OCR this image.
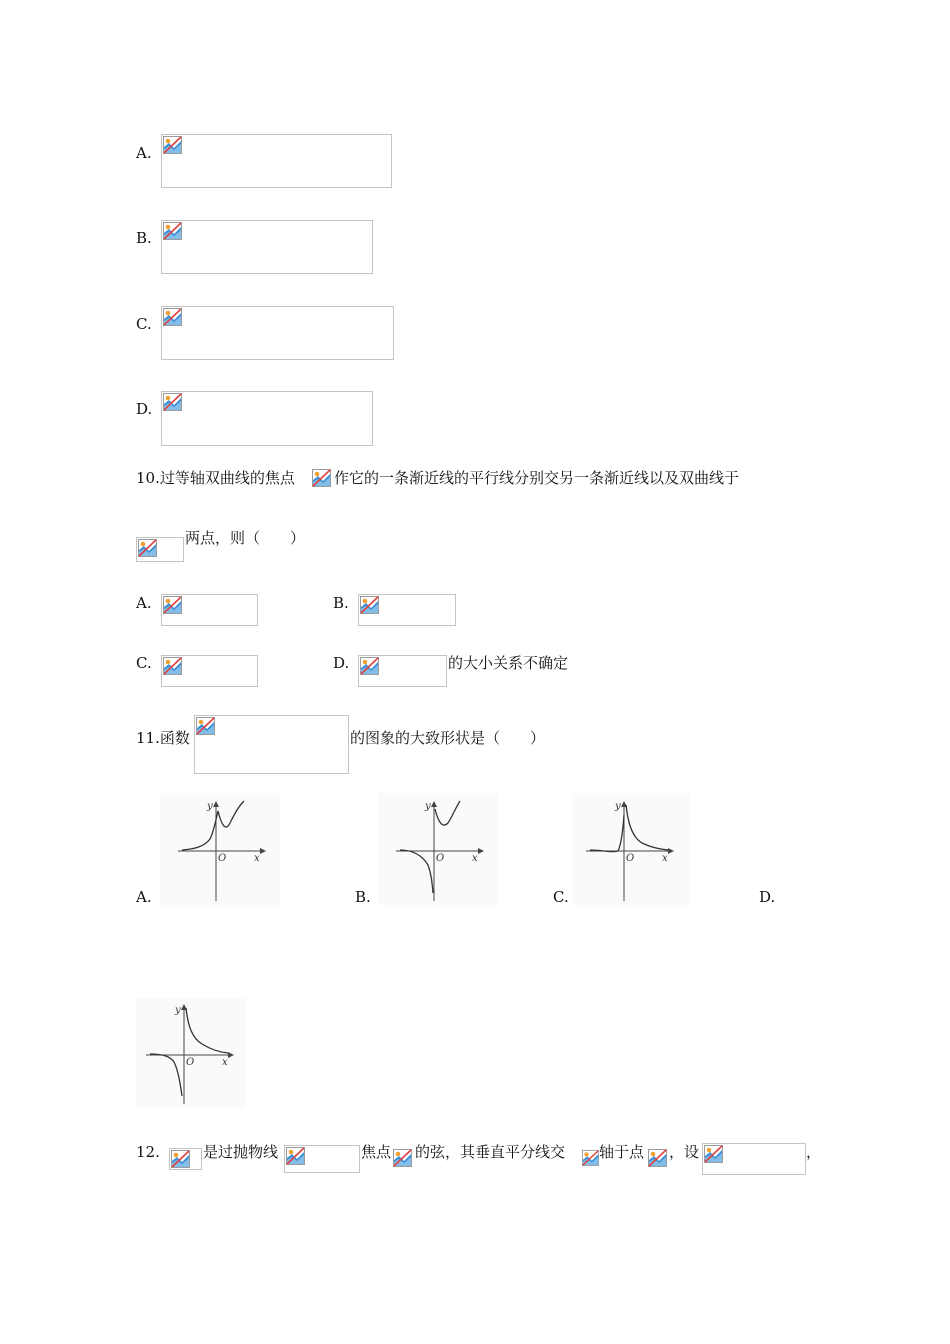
A.
B.
C.
D.
10.过等轴双曲线的焦点	作它的一条渐近线的平行线分别交另一条渐近线以及双曲线于
两点，则（　　）
A.	B.
C.	D.	的大小关系不确定
11.函数	的图象的大致形状是（　　）
y
x
O
y
x
O
y
x
O
A.	B.	C.	D.
y
x
O
12.	是过抛物线	焦点 的弦，其垂直平分线交 轴于点 ，设	，
